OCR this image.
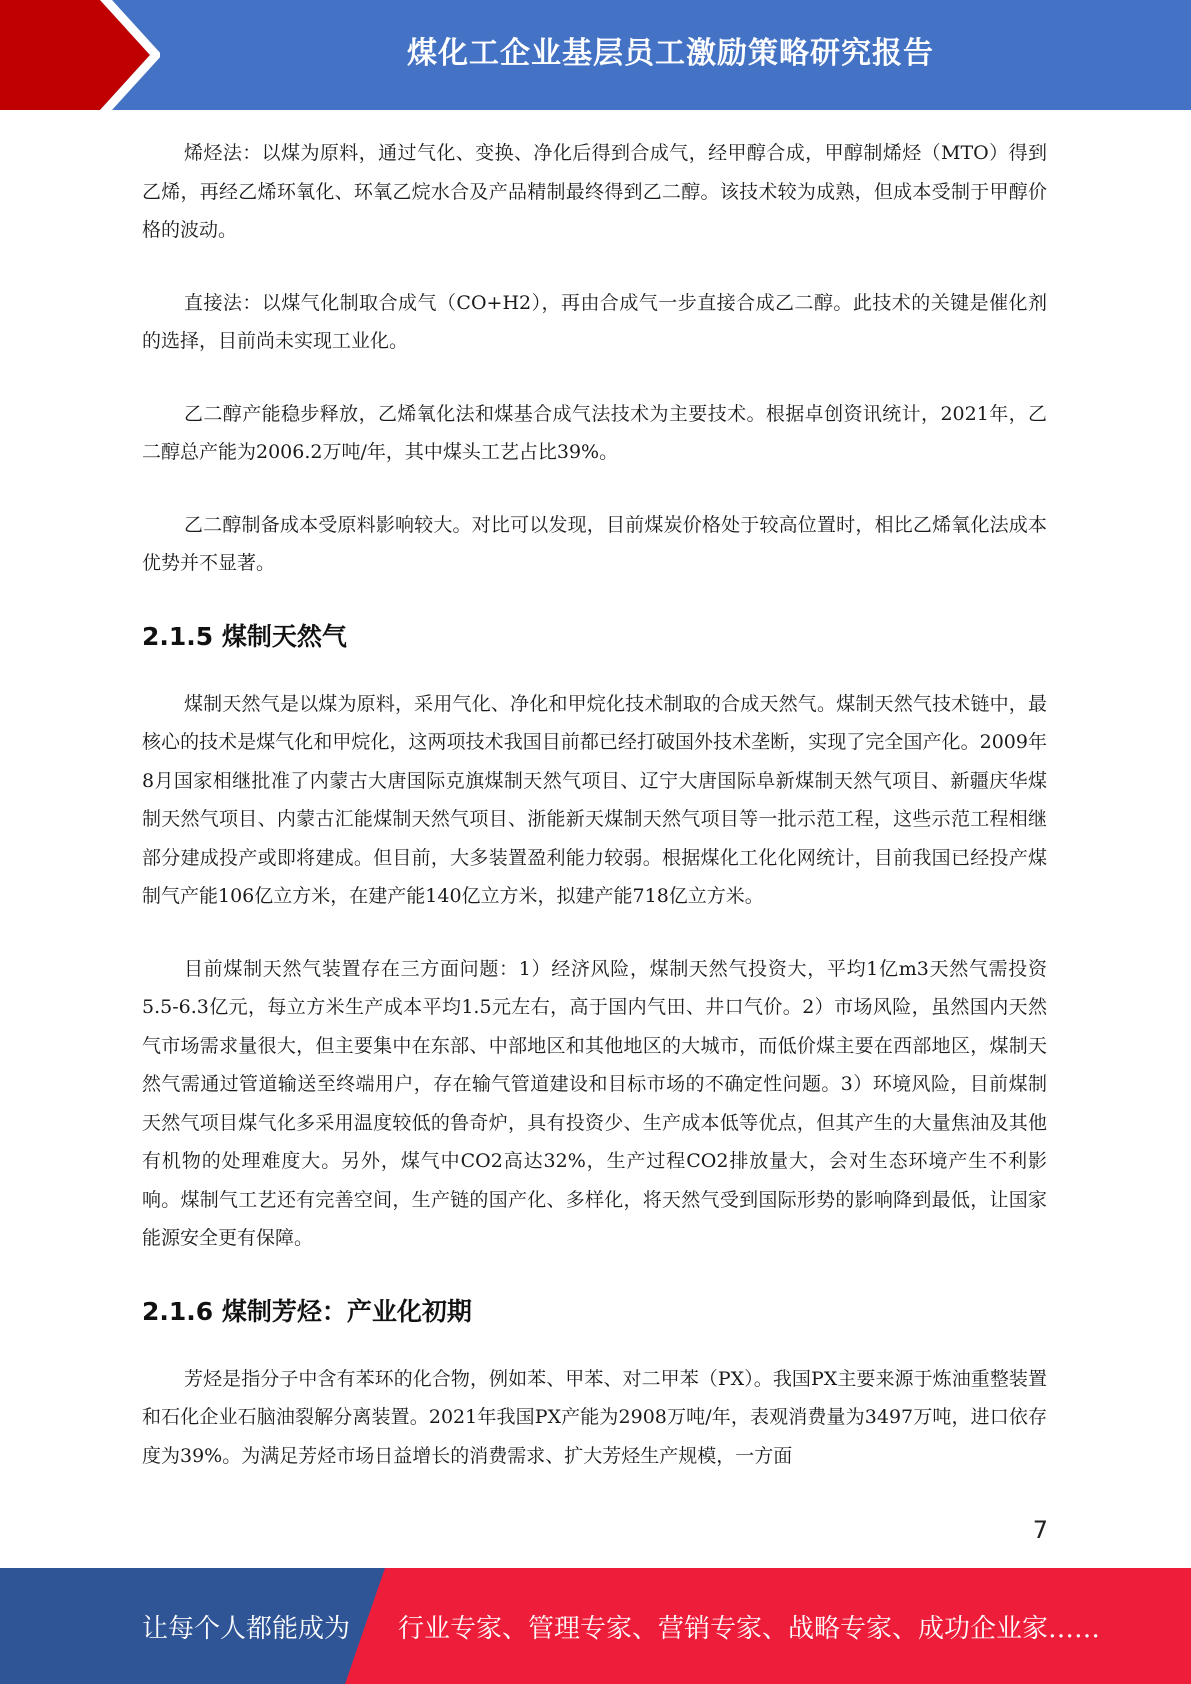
煤化工企业基层员工激励策略研究报告

烯烃法：以煤为原料，通过气化、变换、净化后得到合成气，经甲醇合成，甲醇制烯烃（MTO）得到乙烯，再经乙烯环氧化、环氧乙烷水合及产品精制最终得到乙二醇。该技术较为成熟，但成本受制于甲醇价格的波动。

直接法：以煤气化制取合成气（CO+H2），再由合成气一步直接合成乙二醇。此技术的关键是催化剂的选择，目前尚未实现工业化。

乙二醇产能稳步释放，乙烯氧化法和煤基合成气法技术为主要技术。根据卓创资讯统计，2021年，乙二醇总产能为2006.2万吨/年，其中煤头工艺占比39%。

乙二醇制备成本受原料影响较大。对比可以发现，目前煤炭价格处于较高位置时，相比乙烯氧化法成本优势并不显著。

2.1.5 煤制天然气

煤制天然气是以煤为原料，采用气化、净化和甲烷化技术制取的合成天然气。煤制天然气技术链中，最核心的技术是煤气化和甲烷化，这两项技术我国目前都已经打破国外技术垄断，实现了完全国产化。2009年8月国家相继批准了内蒙古大唐国际克旗煤制天然气项目、辽宁大唐国际阜新煤制天然气项目、新疆庆华煤制天然气项目、内蒙古汇能煤制天然气项目、浙能新天煤制天然气项目等一批示范工程，这些示范工程相继部分建成投产或即将建成。但目前，大多装置盈利能力较弱。根据煤化工化化网统计，目前我国已经投产煤制气产能106亿立方米，在建产能140亿立方米，拟建产能718亿立方米。

目前煤制天然气装置存在三方面问题：1）经济风险，煤制天然气投资大，平均1亿m3天然气需投资5.5-6.3亿元，每立方米生产成本平均1.5元左右，高于国内气田、井口气价。2）市场风险，虽然国内天然气市场需求量很大，但主要集中在东部、中部地区和其他地区的大城市，而低价煤主要在西部地区，煤制天然气需通过管道输送至终端用户，存在输气管道建设和目标市场的不确定性问题。3）环境风险，目前煤制天然气项目煤气化多采用温度较低的鲁奇炉，具有投资少、生产成本低等优点，但其产生的大量焦油及其他有机物的处理难度大。另外，煤气中CO2高达32%，生产过程CO2排放量大，会对生态环境产生不利影响。煤制气工艺还有完善空间，生产链的国产化、多样化，将天然气受到国际形势的影响降到最低，让国家能源安全更有保障。

2.1.6 煤制芳烃：产业化初期

芳烃是指分子中含有苯环的化合物，例如苯、甲苯、对二甲苯（PX）。我国PX主要来源于炼油重整装置和石化企业石脑油裂解分离装置。2021年我国PX产能为2908万吨/年，表观消费量为3497万吨，进口依存度为39%。为满足芳烃市场日益增长的消费需求、扩大芳烃生产规模，一方面

7
让每个人都能成为 行业专家、管理专家、营销专家、战略专家、成功企业家……
